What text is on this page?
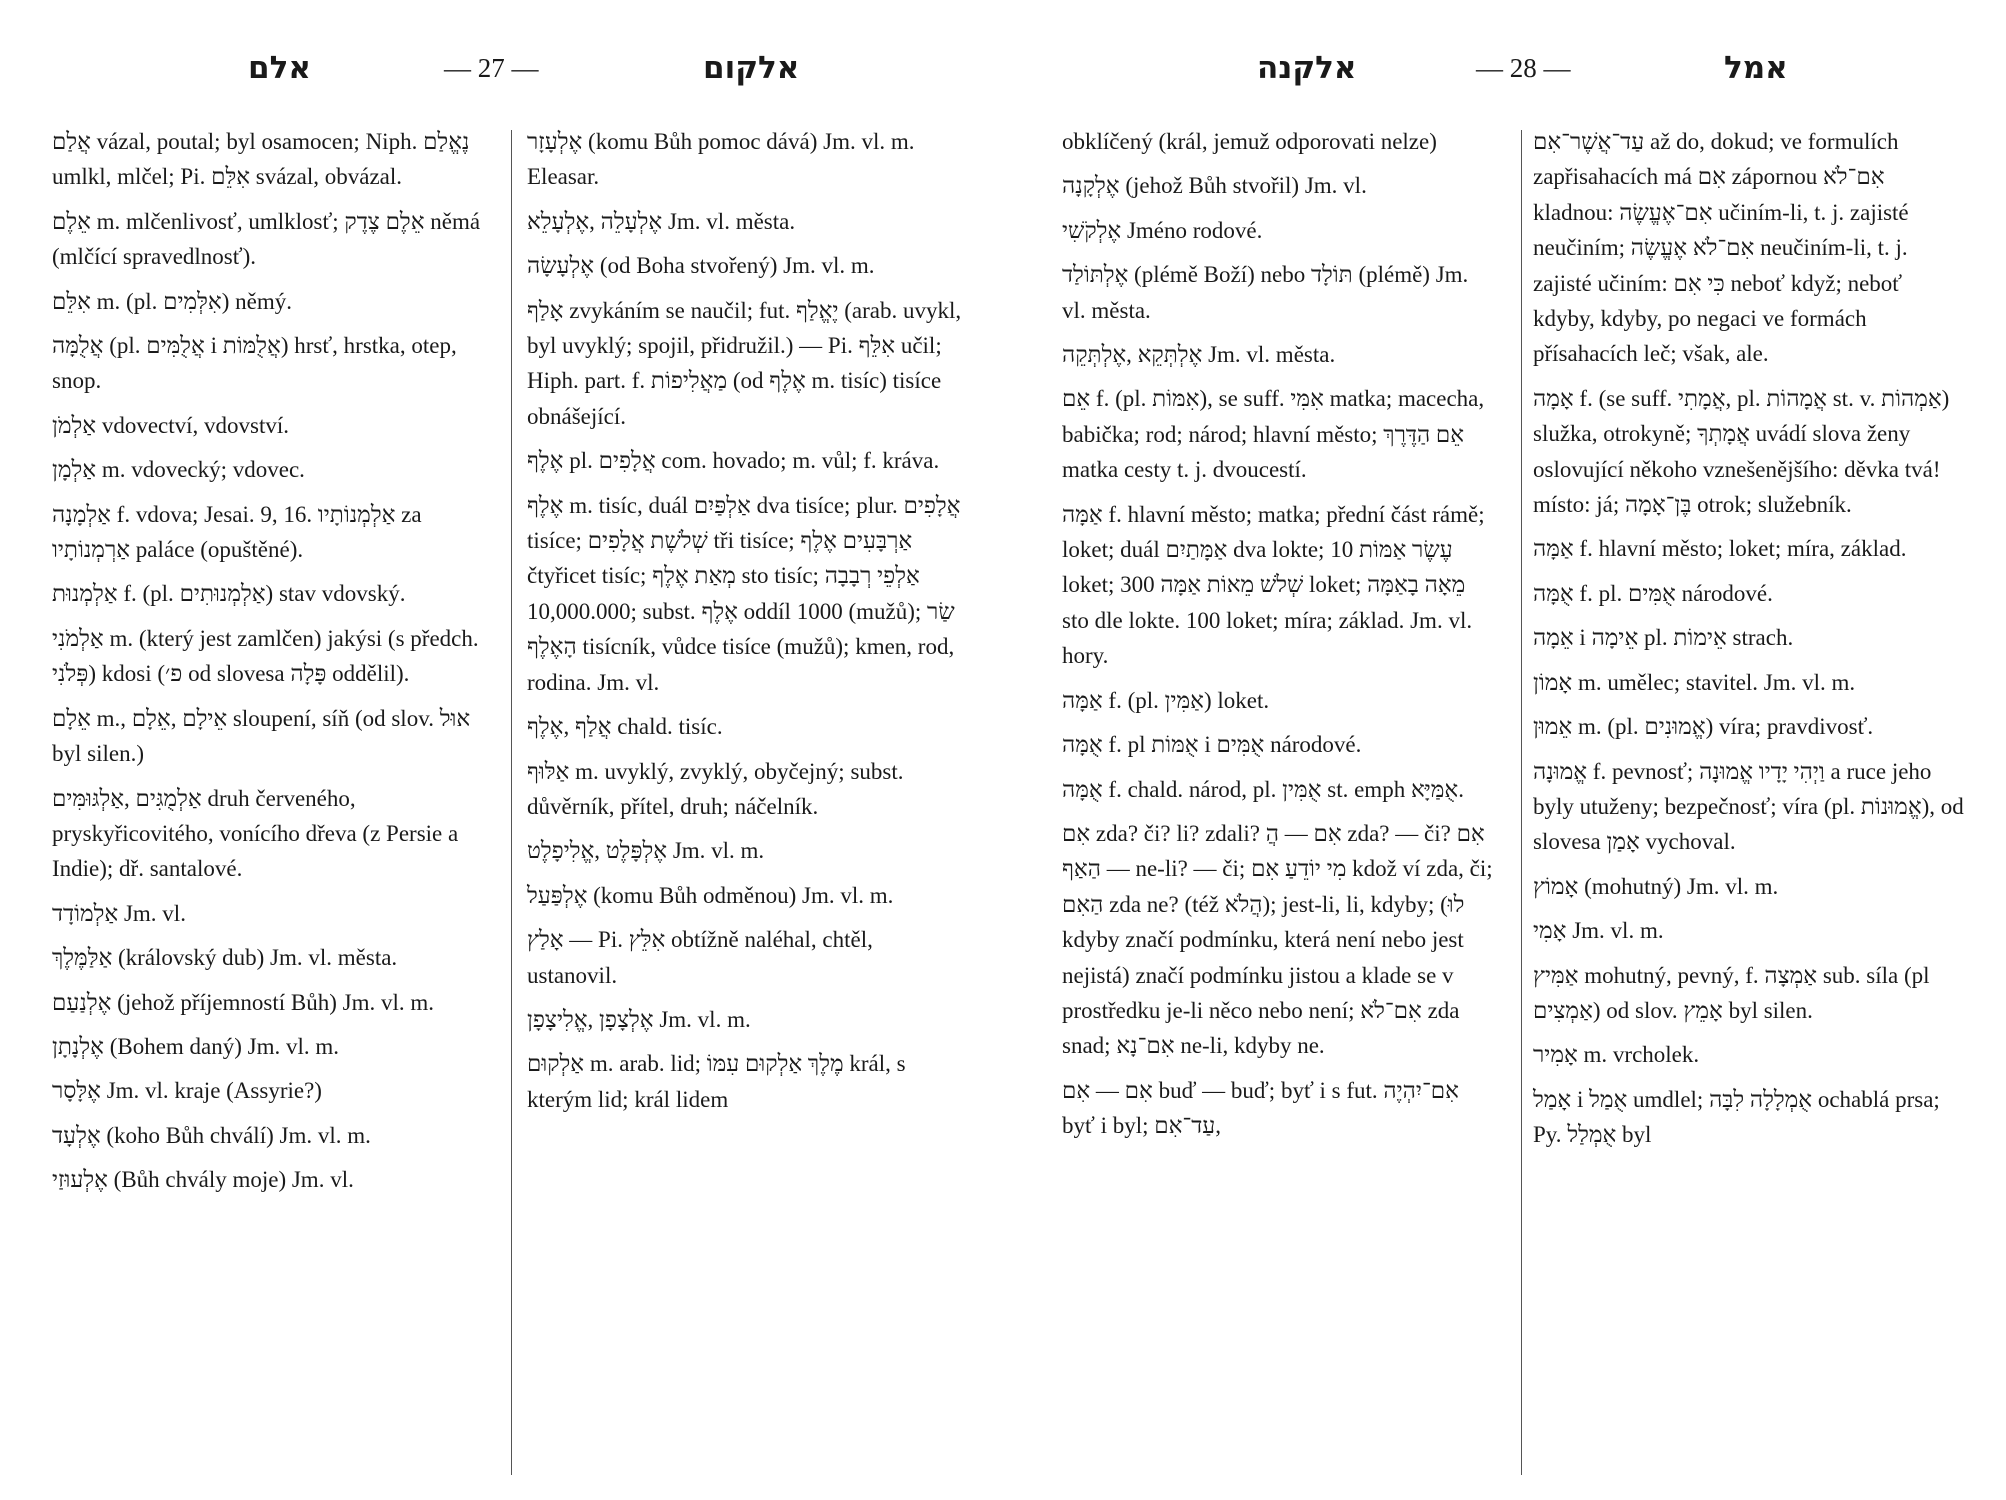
אלם	— 27 —	אלקום	אלקנה	— 28 —	אמל

אֲלַם vázal, poutal; byl osamocen; Niph. נֶאֱלַם umlkl, mlčel; Pi. אִלֵּם svázal, obvázal.

אֵלֶם m. mlčenlivosť, umlklosť; אֵלֶם צֶדֶק němá (mlčící spravedlnosť).

אִלֵּם m. (pl. אִלְּמִים) němý.

אֲלֻמָּה (pl. אֲלֻמִּים i אֲלֻמּוֹת) hrsť, hrstka, otep, snop.

אַלְמֹן vdovectví, vdovství.

אַלְמָן m. vdovecký; vdovec.

אַלְמָנָה f. vdova; Jesai. 9, 16. אַלְמְנוֹתָיו za אַרְמְנוֹתָיו paláce (opuštěné).

אַלְמְנוּת f. (pl. אַלְמְנוּתִים) stav vdovský.

אַלְמֹנִי m. (který jest zamlčen) jakýsi (s předch. פְּלֹנִי) kdosi (פ׳ od slovesa פָּלָה oddělil).

אֵלָם m., אֵילָם ,אֵלָם sloupení, síň (od slov. אוּל byl silen.)

אַלְמֻגִּים ,אַלְגּוּמִּים druh červeného, pryskyřicovitého, vonícího dřeva (z Persie a Indie); dř. santalové.

אַלְמוֹדָד Jm. vl.

אַלַּמֶּלֶךְ (královský dub) Jm. vl. města.

אֶלְנַעַם (jehož příjemností Bůh) Jm. vl. m.

אֶלְנָתָן (Bohem daný) Jm. vl. m.

אֶלָּסָר Jm. vl. kraje (Assyrie?)

אֶלְעָד (koho Bůh chválí) Jm. vl. m.

אֶלְעוּזַי (Bůh chvály moje) Jm. vl.

אֶלְעָזָר (komu Bůh pomoc dává) Jm. vl. m. Eleasar.

אֶלְעָלֵה ,אֶלְעָלֵא Jm. vl. města.

אֶלְעָשָׂה (od Boha stvořený) Jm. vl. m.

אָלַף zvykáním se naučil; fut. יֶאֱלַף (arab. uvykl, byl uvyklý; spojil, přidružil.) — Pi. אִלֵּף učil; Hiph. part. f. מַאֲלִיפוֹת (od אֶלֶף m. tisíc) tisíce obnášející.

אֶלֶף pl. אֲלָפִים com. hovado; m. vůl; f. kráva.

אֶלֶף m. tisíc, duál אַלְפַּיִם dva tisíce; plur. אֲלָפִים tisíce; שְׁלֹשֶׁת אֲלָפִים tři tisíce; אַרְבָּעִים אֶלֶף čtyřicet tisíc; מְאַת אֶלֶף sto tisíc; אַלְפֵי רְבָבָה 10,000.000; subst. אֶלֶף oddíl 1000 (mužů); שַׂר הָאֶלֶף tisícník, vůdce tisíce (mužů); kmen, rod, rodina. Jm. vl.

אֲלַף ,אֶלֶף chald. tisíc.

אַלּוּף m. uvyklý, zvyklý, obyčejný; subst. důvěrník, přítel, druh; náčelník.

אֶלְפָּלֶט ,אֱלִיפָלֶט Jm. vl. m.

אֶלְפַּעַל (komu Bůh odměnou) Jm. vl. m.

אָלַץ — Pi. אִלֵּץ obtížně naléhal, chtěl, ustanovil.

אֶלְצָפָן ,אֱלִיצָפָן Jm. vl. m.

אַלְקוּם m. arab. lid; מֶלֶךְ אַלְקוּם עִמּוֹ král, s kterým lid; král lidem

obklíčený (král, jemuž odporovati nelze)

אֶלְקָנָה (jehož Bůh stvořil) Jm. vl.

אֶלְקֹשִׁי Jméno rodové.

אֶלְתּוֹלַד (plémě Boží) nebo תּוֹלָד (plémě) Jm. vl. města.

אֶלְתְּקֵא ,אֶלְתְּקֵה Jm. vl. města.

אֵם f. (pl. אִמּוֹת), se suff. אִמִּי matka; macecha, babička; rod; národ; hlavní město; אֵם הַדֶּרֶךְ matka cesty t. j. dvoucestí.

אַמָּה f. hlavní město; matka; přední část rámě; loket; duál אַמָּתַיִם dva lokte; עֶשֶׂר אַמּוֹת 10 loket; שְׁלֹשׁ מֵאוֹת אַמָּה 300 loket; מֵאָה בָאַמָּה sto dle lokte. 100 loket; míra; základ. Jm. vl. hory.

אַמָּה f. (pl. אַמִּין) loket.

אֻמָּה f. pl אֻמּוֹת i אֻמִּים národové.

אֻמָּה f. chald. národ, pl. אֻמִּין st. emph אֻמַּיָּא.

אִם zda? či? li? zdali? אִם — הֲ zda? — či? אִם — הַאַף ne-li? — či; מִי יוֹדֵעַ אִם kdož ví zda, či; הַאִם zda ne? (též הֲלֹא); jest-li, li, kdyby; (לוּ kdyby značí podmínku, která není nebo jest nejistá) značí podmínku jistou a klade se v prostředku je-li něco nebo není; אִם־לֹא zda snad; אִם־נָא ne-li, kdyby ne.

אִם — אִם buď — buď; byť i s fut. אִם־יִהְיֶה byť i byl; עַד־אִם,

עַד־אֲשֶׁר־אִם až do, dokud; ve formulích zapřisahacích má אִם zápornou אִם־לֹא kladnou: אִם־אֶעֱשֶׂה učiním-li, t. j. zajisté neučiním; אִם־לֹא אֶעֱשֶׂה neučiním-li, t. j. zajisté učiním: כִּי אִם neboť když; neboť kdyby, kdyby, po negaci ve formách přísahacích leč; však, ale.

אָמָה f. (se suff. אֲמָתִי, pl. אֲמָהוֹת st. v. אַמְהוֹת) služka, otrokyně; אֲמָתְךָ uvádí slova ženy oslovující někoho vznešenějšího: děvka tvá! místo: já; בֶּן־אָמָה otrok; služebník.

אַמָּה f. hlavní město; loket; míra, základ.

אֻמָּה f. pl. אֻמִּים národové.

אֵמָה i אֵימָה pl. אֵימוֹת strach.

אָמוֹן m. umělec; stavitel. Jm. vl. m.

אֵמוּן m. (pl. אֱמוּנִים) víra; pravdivosť.

אֱמוּנָה f. pevnosť; וַיְהִי יָדָיו אֱמוּנָה a ruce jeho byly utuženy; bezpečnosť; víra (pl. אֱמוּנוֹת), od slovesa אָמַן vychoval.

אָמוֹץ (mohutný) Jm. vl. m.

אָמִי Jm. vl. m.

אַמִּיץ mohutný, pevný, f. אַמְצָה sub. síla (pl אַמְצִים) od slov. אָמֵץ byl silen.

אָמִיר m. vrcholek.

אָמַל i אֻמַל umdlel; אֻמְלָלָה לִבָּה ochablá prsa; Py. אֻמְלַל byl
